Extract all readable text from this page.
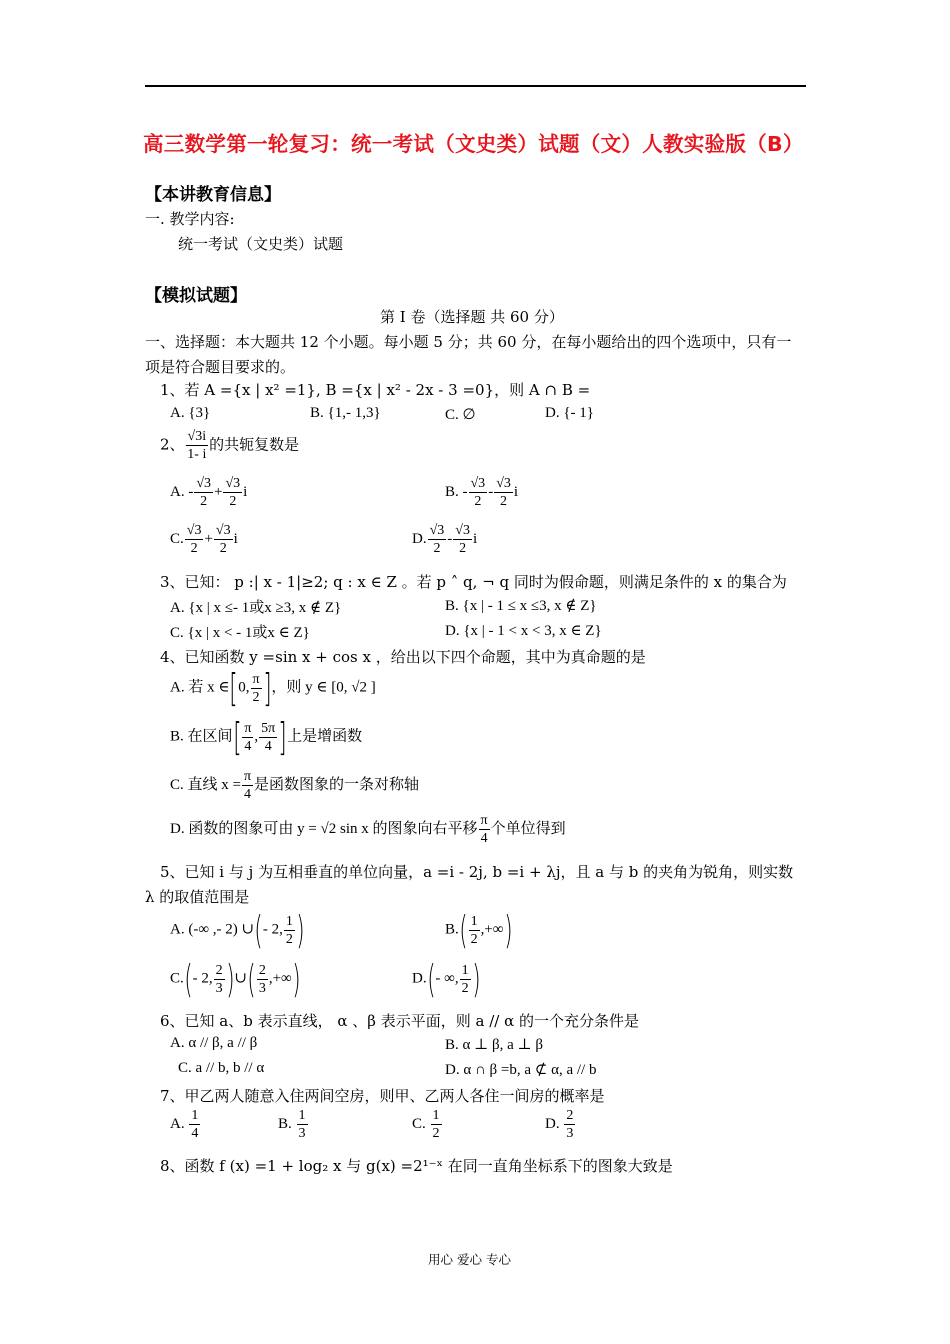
高三数学第一轮复习：统一考试（文史类）试题（文）人教实验版（B）
【本讲教育信息】
一. 教学内容:
统一考试（文史类）试题
【模拟试题】
第 I 卷（选择题 共 60 分）
一、选择题：本大题共 12 个小题。每小题 5 分；共 60 分，在每小题给出的四个选项中，只有一
项是符合题目要求的。
1、若 A ={x | x² =1}, B ={x | x² - 2x - 3 =0}，则 A ∩ B =
A. {3}	B. {1,- 1,3}	C. ∅	D. {- 1}
2、 $\frac{√3i}{1- i}$ 的共轭复数是
A. - $\frac{√3}{2} + \frac{√3}{2}$ i	B. - $\frac{√3}{2} - \frac{√3}{2}$ i
C. $\frac{√3}{2} + \frac{√3}{2}$ i	D. $\frac{√3}{2} - \frac{√3}{2}$ i
3、已知： p :| x - 1|≥2; q : x ∈ Z 。若 p ˄ q, ¬ q 同时为假命题，则满足条件的 x 的集合为
A. {x | x ≤- 1或x ≥3, x ∉ Z}	B. {x | - 1 ≤ x ≤3, x ∉ Z}
C. {x | x < - 1或x ∈ Z}	D. {x | - 1 < x < 3, x ∈ Z}
4、已知函数 y =sin x + cos x ，给出以下四个命题，其中为真命题的是
A. 若 x ∈[0, $\frac{\pi}{2}$ ]，则 y ∈ [0, √2 ]
B. 在区间[ $\frac{\pi}{4}$ , $\frac{5\pi}{4}$ ]上是增函数
C. 直线 $x = \frac{\pi}{4}$ 是函数图象的一条对称轴
D. 函数的图象可由 y = √2 sin x 的图象向右平移 $\frac{\pi}{4}$ 个单位得到
5、已知 i 与 j 为互相垂直的单位向量，a =i - 2j, b =i + λj，且 a 与 b 的夹角为锐角，则实数
λ 的取值范围是
A. (-∞ ,- 2) ∪(- 2, $\frac{1}{2}$ )	$B.( \frac{1}{2}$ ,+∞)
C.(- 2, $\frac{2}{3}$ )∪( $\frac{2}{3}$ ,+∞)	D.(- ∞, $\frac{1}{2}$ )
6、已知 a、b 表示直线， α 、β 表示平面，则 a // α 的一个充分条件是
A. α // β, a // β	B. α ⊥ β, a ⊥ β
C. a // b, b // α	D. α ∩ β =b, a ⊄ α, a // b
7、甲乙两人随意入住两间空房，则甲、乙两人各住一间房的概率是
A. $\frac{1}{4}$	B. $\frac{1}{3}$	C. $\frac{1}{2}$	D. $\frac{2}{3}$
8、函数 f (x) =1 + log₂ x 与 g(x) =2¹⁻ˣ 在同一直角坐标系下的图象大致是
用心 爱心 专心
